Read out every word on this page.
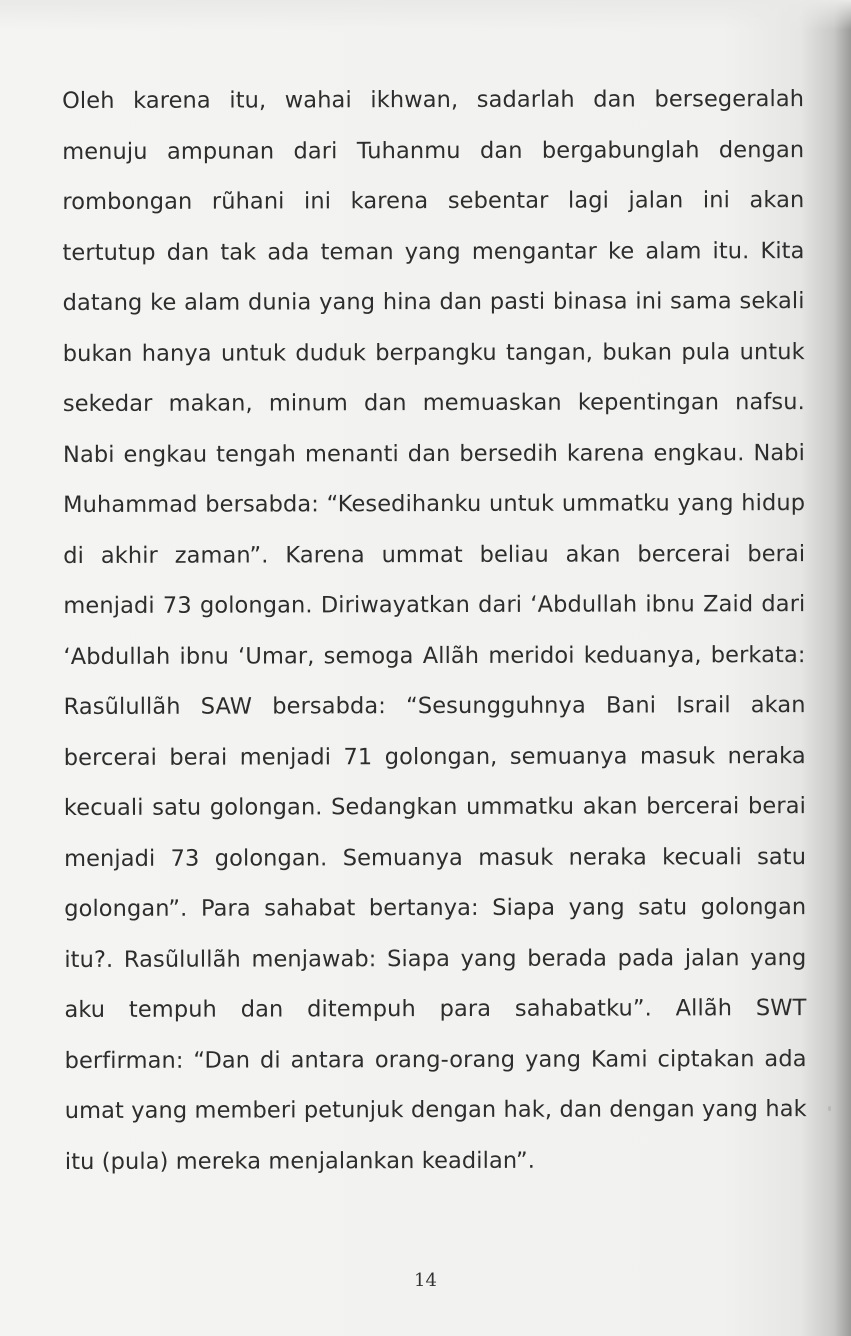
Oleh karena itu, wahai ikhwan, sadarlah dan bersegeralah menuju ampunan dari Tuhanmu dan bergabunglah dengan rombongan rũhani ini karena sebentar lagi jalan ini akan tertutup dan tak ada teman yang mengantar ke alam itu. Kita datang ke alam dunia yang hina dan pasti binasa ini sama sekali bukan hanya untuk duduk berpangku tangan, bukan pula untuk sekedar makan, minum dan memuaskan kepentingan nafsu. Nabi engkau tengah menanti dan bersedih karena engkau. Nabi Muhammad bersabda: “Kesedihanku untuk ummatku yang hidup di akhir zaman”. Karena ummat beliau akan bercerai berai menjadi 73 golongan. Diriwayatkan dari ‘Abdullah ibnu Zaid dari ‘Abdullah ibnu ‘Umar, semoga Allãh meridoi keduanya, berkata: Rasũlullãh SAW bersabda: “Sesungguhnya Bani Israil akan bercerai berai menjadi 71 golongan, semuanya masuk neraka kecuali satu golongan. Sedangkan ummatku akan bercerai berai menjadi 73 golongan. Semuanya masuk neraka kecuali satu golongan”. Para sahabat bertanya: Siapa yang satu golongan itu?. Rasũlullãh menjawab: Siapa yang berada pada jalan yang aku tempuh dan ditempuh para sahabatku”. Allãh SWT berfirman: “Dan di antara orang-orang yang Kami ciptakan ada umat yang memberi petunjuk dengan hak, dan dengan yang hak itu (pula) mereka menjalankan keadilan”.

14
